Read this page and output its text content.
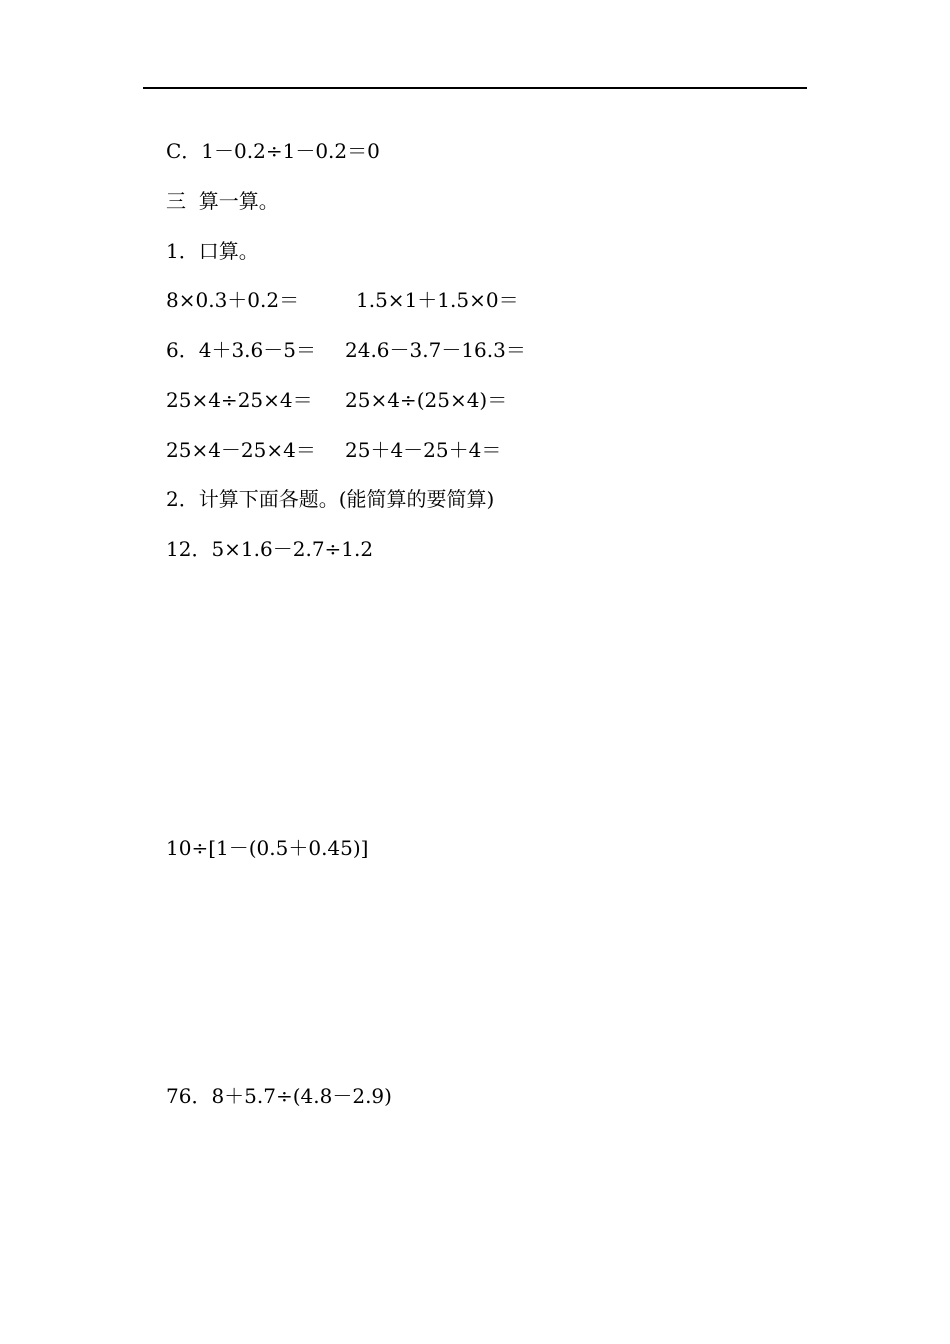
C．1－0.2÷1－0.2＝0
三  算一算。
1．口算。
8×0.3＋0.2＝	1.5×1＋1.5×0＝
6．4＋3.6－5＝ 24.6－3.7－16.3＝
25×4÷25×4＝ 25×4÷(25×4)＝
25×4－25×4＝ 25＋4－25＋4＝
2．计算下面各题。(能简算的要简算)
12．5×1.6－2.7÷1.2
10÷[1－(0.5＋0.45)]
76．8＋5.7÷(4.8－2.9)
